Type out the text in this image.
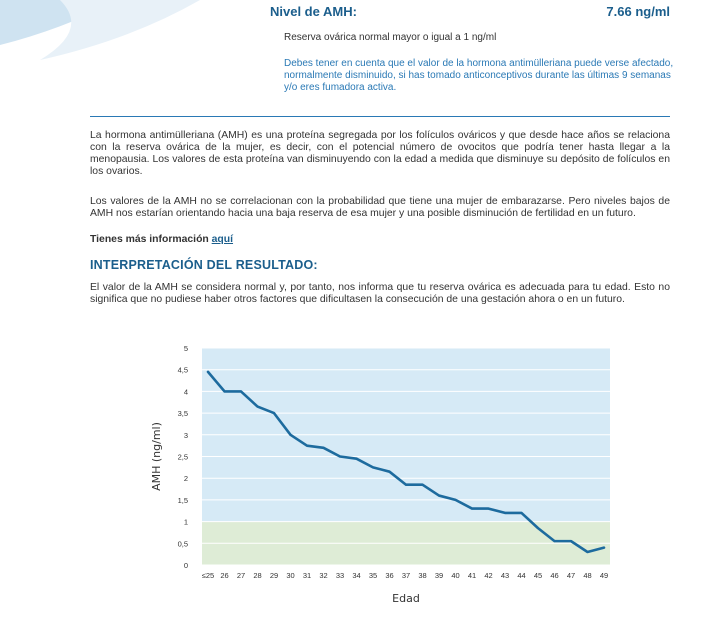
Nivel de AMH:	7.66 ng/ml
Reserva ovárica normal mayor o igual a 1 ng/ml
Debes tener en cuenta que el valor de la hormona antimülleriana puede verse afectado, normalmente disminuido, si has tomado anticonceptivos durante las últimas 9 semanas y/o eres fumadora activa.
La hormona antimülleriana (AMH) es una proteína segregada por los folículos ováricos y que desde hace años se relaciona con la reserva ovárica de la mujer, es decir, con el potencial número de ovocitos que podría tener hasta llegar a la menopausia. Los valores de esta proteína van disminuyendo con la edad a medida que disminuye su depósito de folículos en los ovarios.
Los valores de la AMH no se correlacionan con la probabilidad que tiene una mujer de embarazarse. Pero niveles bajos de AMH nos estarían orientando hacia una baja reserva de esa mujer y una posible disminución de fertilidad en un futuro.
Tienes más información aquí
INTERPRETACIÓN DEL RESULTADO:
El valor de la AMH se considera normal y, por tanto, nos informa que tu reserva ovárica es adecuada para tu edad. Esto no significa que no pudiese haber otros factores que dificultasen la consecución de una gestación ahora o en un futuro.
0
0,5
1
1,5
2
2,5
3
3,5
4
4,5
5
≤25 26 27 28 29 30 31 32 33 34 35 36 37 38 39 40 41 42 43 44 45 46 47 48 49
Edad
AMH (ng/ml)
